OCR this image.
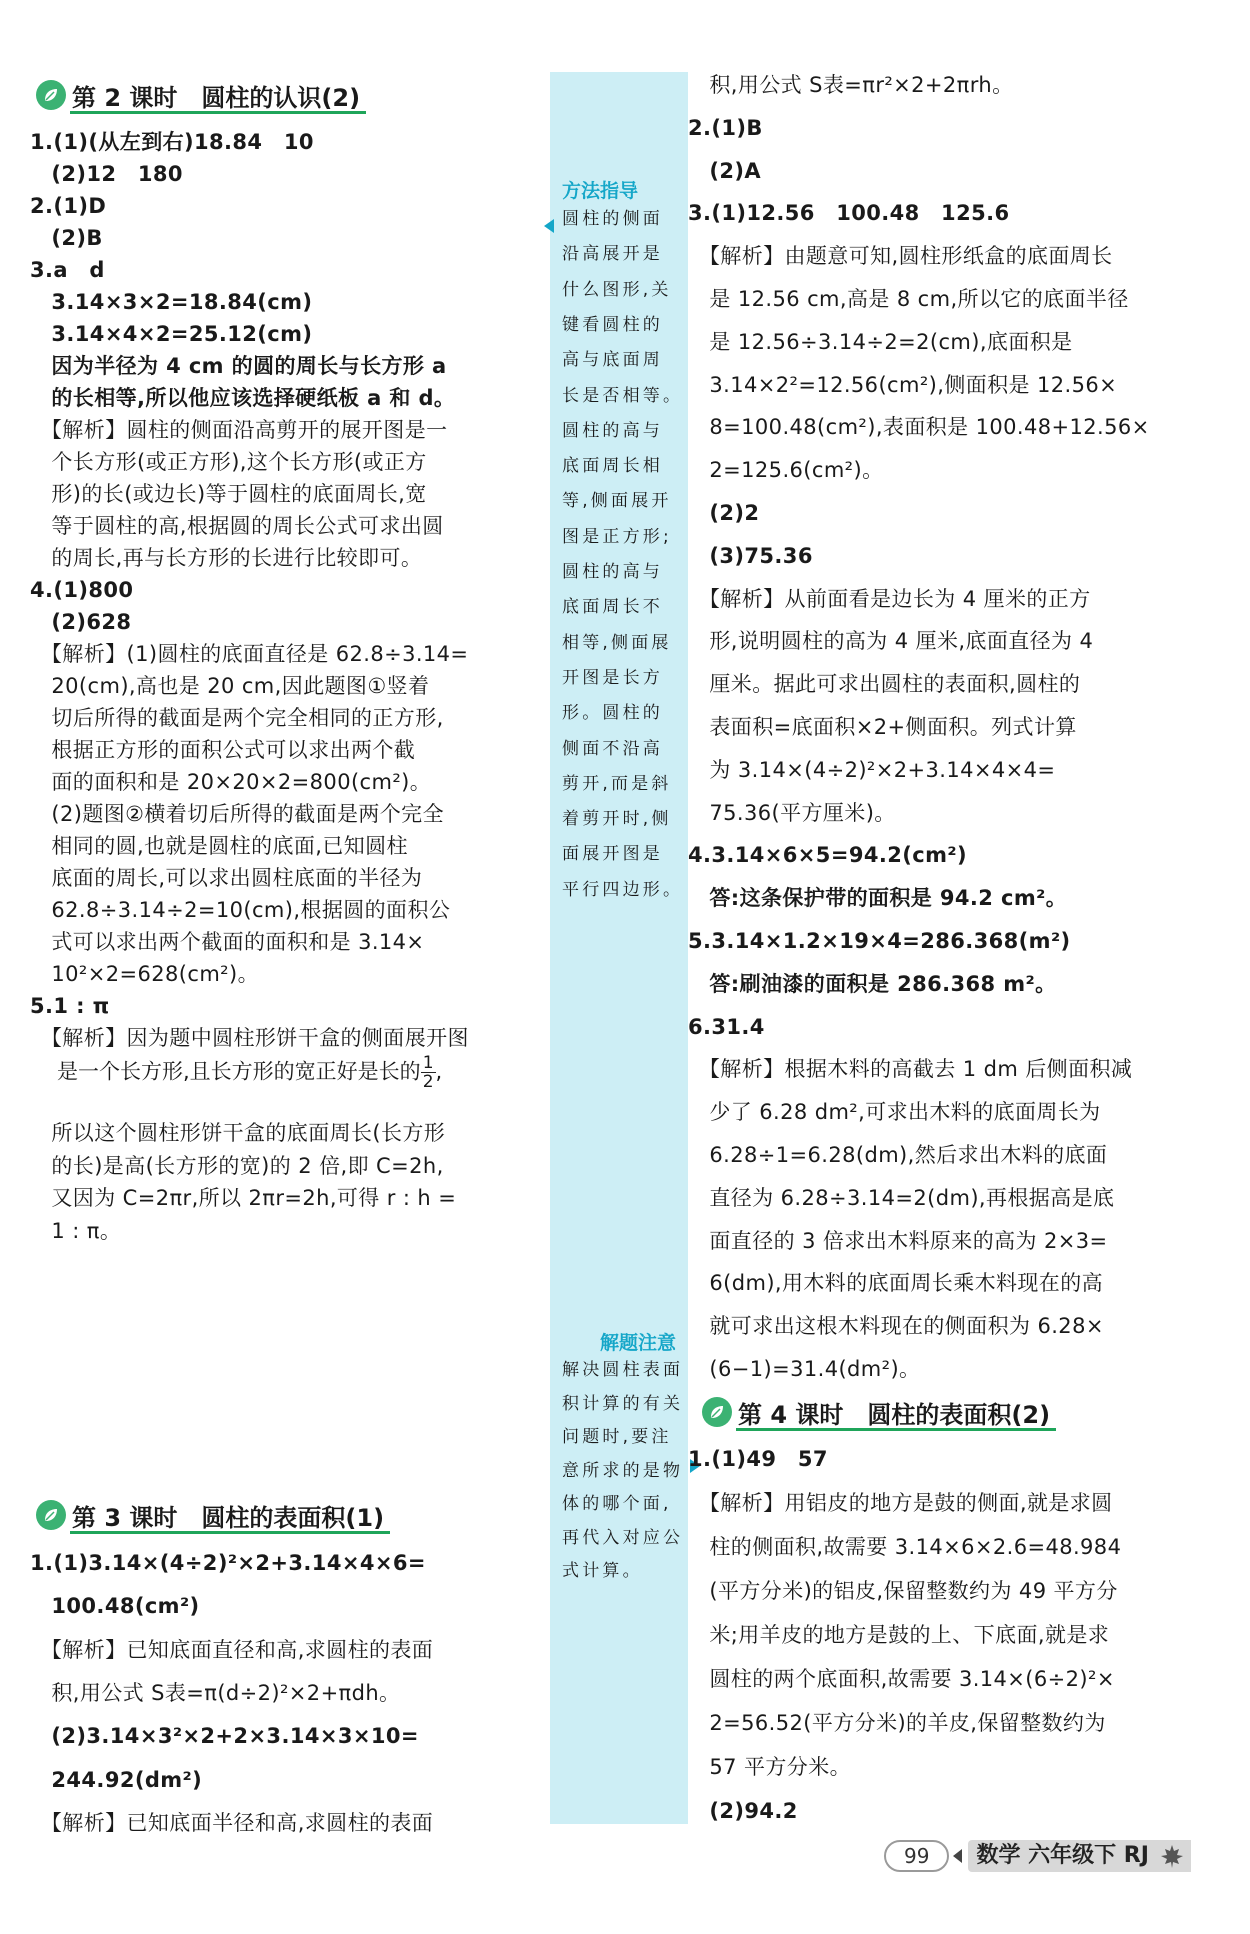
第 2 课时　圆柱的认识(2)
1.(1)(从左到右)18.84　10
　(2)12　180
2.(1)D
　(2)B
3.a　d
　3.14×3×2=18.84(cm)
　3.14×4×2=25.12(cm)
　因为半径为 4 cm 的圆的周长与长方形 a
　的长相等,所以他应该选择硬纸板 a 和 d。
　【解析】圆柱的侧面沿高剪开的展开图是一
　个长方形(或正方形),这个长方形(或正方
　形)的长(或边长)等于圆柱的底面周长,宽
　等于圆柱的高,根据圆的周长公式可求出圆
　的周长,再与长方形的长进行比较即可。
4.(1)800
　(2)628
　【解析】(1)圆柱的底面直径是 62.8÷3.14=
　20(cm),高也是 20 cm,因此题图①竖着
　切后所得的截面是两个完全相同的正方形,
　根据正方形的面积公式可以求出两个截
　面的面积和是 20×20×2=800(cm²)。
　(2)题图②横着切后所得的截面是两个完全
　相同的圆,也就是圆柱的底面,已知圆柱
　底面的周长,可以求出圆柱底面的半径为
　62.8÷3.14÷2=10(cm),根据圆的面积公
　式可以求出两个截面的面积和是 3.14×
　10²×2=628(cm²)。
5.1 : π
　【解析】因为题中圆柱形饼干盒的侧面展开图
　是一个长方形,且长方形的宽正好是长的 $\frac{1}{2}$ ,
　所以这个圆柱形饼干盒的底面周长(长方形
　的长)是高(长方形的宽)的 2 倍,即 C=2h,
　又因为 C=2πr,所以 2πr=2h,可得 r : h =
　1 : π。
第 3 课时　圆柱的表面积(1)
1.(1)3.14×(4÷2)²×2+3.14×4×6=
　100.48(cm²)
　【解析】已知底面直径和高,求圆柱的表面
　积,用公式 S表=π(d÷2)²×2+πdh。
　(2)3.14×3²×2+2×3.14×3×10=
　244.92(dm²)
　【解析】已知底面半径和高,求圆柱的表面
方法指导
圆柱的侧面
沿高展开是
什么图形,关
键看圆柱的
高与底面周
长是否相等。
圆柱的高与
底面周长相
等,侧面展开
图是正方形;
圆柱的高与
底面周长不
相等,侧面展
开图是长方
形。圆柱的
侧面不沿高
剪开,而是斜
着剪开时,侧
面展开图是
平行四边形。
解题注意
解决圆柱表面
积计算的有关
问题时,要注
意所求的是物
体的哪个面,
再代入对应公
式计算。
　积,用公式 S表=πr²×2+2πrh。
2.(1)B
　(2)A
3.(1)12.56　100.48　125.6
　【解析】由题意可知,圆柱形纸盒的底面周长
　是 12.56 cm,高是 8 cm,所以它的底面半径
　是 12.56÷3.14÷2=2(cm),底面积是
　3.14×2²=12.56(cm²),侧面积是 12.56×
　8=100.48(cm²),表面积是 100.48+12.56×
　2=125.6(cm²)。
　(2)2
　(3)75.36
　【解析】从前面看是边长为 4 厘米的正方
　形,说明圆柱的高为 4 厘米,底面直径为 4
　厘米。据此可求出圆柱的表面积,圆柱的
　表面积=底面积×2+侧面积。列式计算
　为 3.14×(4÷2)²×2+3.14×4×4=
　75.36(平方厘米)。
4.3.14×6×5=94.2(cm²)
　答:这条保护带的面积是 94.2 cm²。
5.3.14×1.2×19×4=286.368(m²)
　答:刷油漆的面积是 286.368 m²。
6.31.4
　【解析】根据木料的高截去 1 dm 后侧面积减
　少了 6.28 dm²,可求出木料的底面周长为
　6.28÷1=6.28(dm),然后求出木料的底面
　直径为 6.28÷3.14=2(dm),再根据高是底
　面直径的 3 倍求出木料原来的高为 2×3=
　6(dm),用木料的底面周长乘木料现在的高
　就可求出这根木料现在的侧面积为 6.28×
　(6−1)=31.4(dm²)。
第 4 课时　圆柱的表面积(2)
1.(1)49　57
　【解析】用铝皮的地方是鼓的侧面,就是求圆
　柱的侧面积,故需要 3.14×6×2.6=48.984
　(平方分米)的铝皮,保留整数约为 49 平方分
　米;用羊皮的地方是鼓的上、下底面,就是求
　圆柱的两个底面积,故需要 3.14×(6÷2)²×
　2=56.52(平方分米)的羊皮,保留整数约为
　57 平方分米。
　(2)94.2
99	数学 六年级下 RJ
